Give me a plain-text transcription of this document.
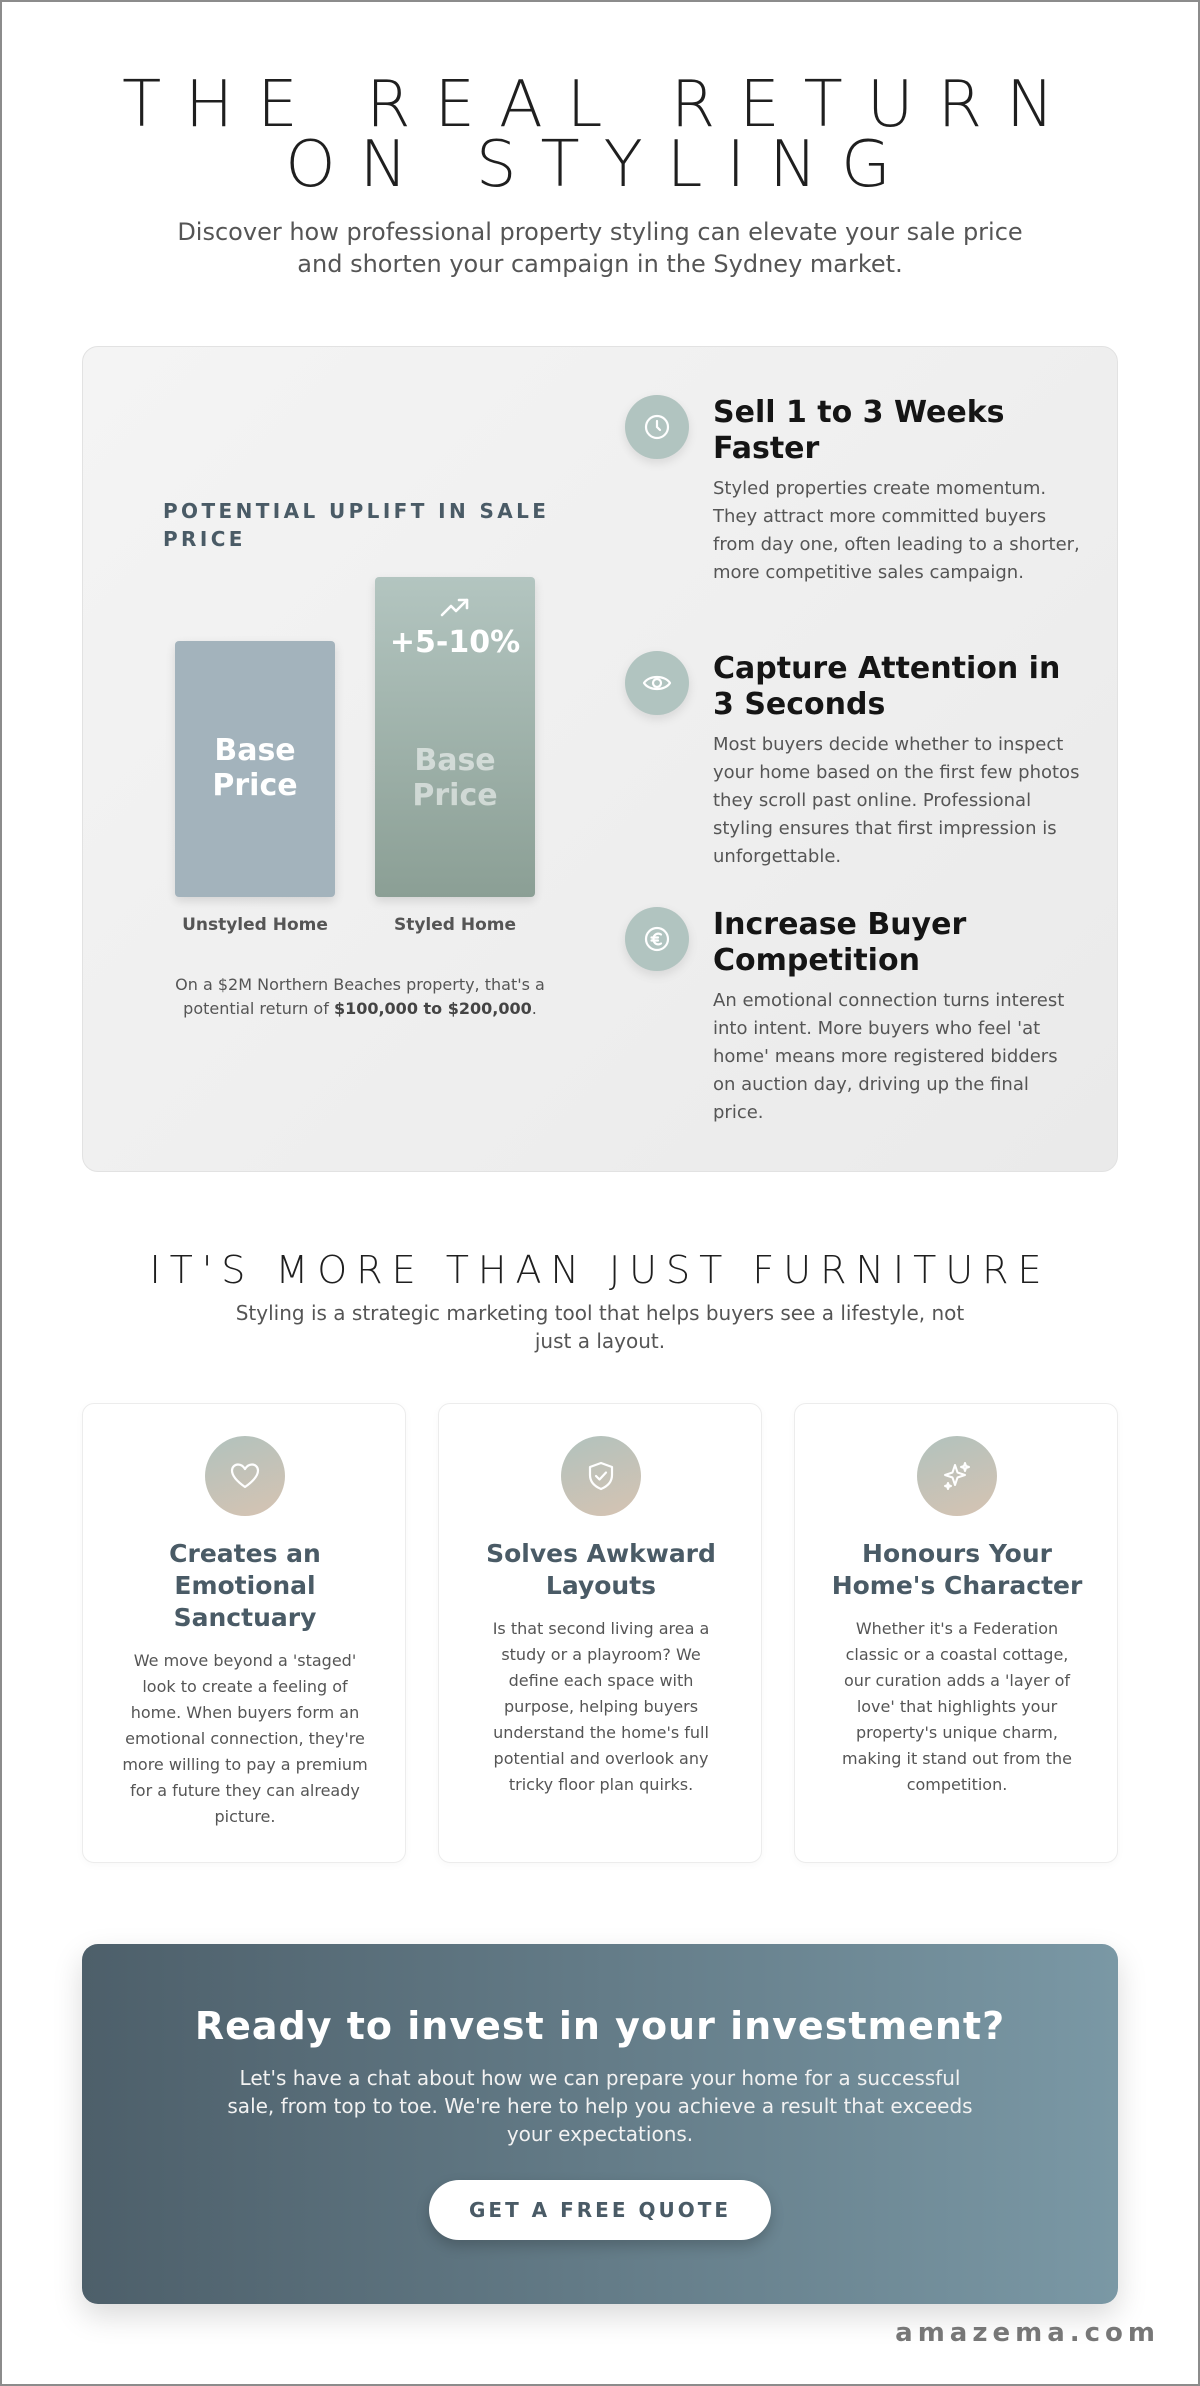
THE REAL RETURN ON STYLING

Discover how professional property styling can elevate your sale price and shorten your campaign in the Sydney market.

POTENTIAL UPLIFT IN SALE PRICE
Base Price
+5-10%
Base Price
Unstyled Home	Styled Home

On a $2M Northern Beaches property, that's a potential return of $100,000 to $200,000.

Sell 1 to 3 Weeks Faster

Styled properties create momentum. They attract more committed buyers from day one, often leading to a shorter, more competitive sales campaign.

Capture Attention in 3 Seconds

Most buyers decide whether to inspect your home based on the first few photos they scroll past online. Professional styling ensures that first impression is unforgettable.

Increase Buyer Competition

An emotional connection turns interest into intent. More buyers who feel 'at home' means more registered bidders on auction day, driving up the final price.

IT'S MORE THAN JUST FURNITURE

Styling is a strategic marketing tool that helps buyers see a lifestyle, not just a layout.

Creates an Emotional Sanctuary

We move beyond a 'staged' look to create a feeling of home. When buyers form an emotional connection, they're more willing to pay a premium for a future they can already picture.

Solves Awkward Layouts

Is that second living area a study or a playroom? We define each space with purpose, helping buyers understand the home's full potential and overlook any tricky floor plan quirks.

Honours Your Home's Character

Whether it's a Federation classic or a coastal cottage, our curation adds a 'layer of love' that highlights your property's unique charm, making it stand out from the competition.

Ready to invest in your investment?

Let's have a chat about how we can prepare your home for a successful sale, from top to toe. We're here to help you achieve a result that exceeds your expectations.

GET A FREE QUOTE
amazema.com
